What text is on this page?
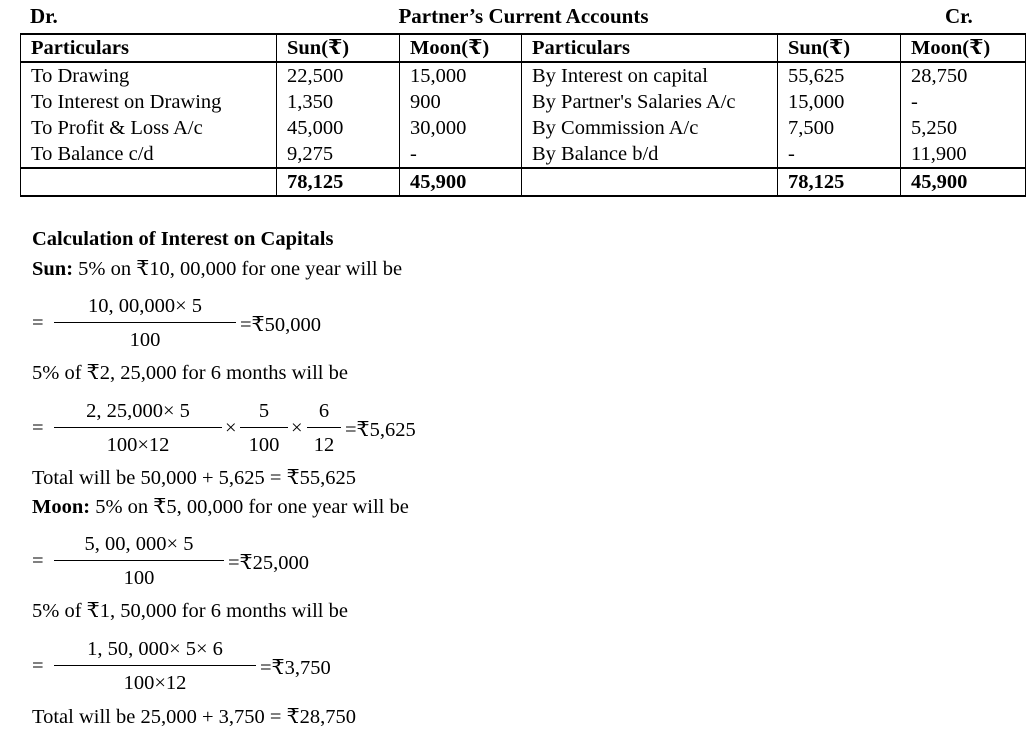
Dr.	Partner’s Current Accounts	Cr.
Particulars	Sun(₹)	Moon(₹)	Particulars	Sun(₹)	Moon(₹)
To Drawing	22,500	15,000	By Interest on capital	55,625	28,750
To Interest on Drawing	1,350	900	By Partner's Salaries A/c	15,000	-
To Profit & Loss A/c	45,000	30,000	By Commission A/c	7,500	5,250
To Balance c/d	9,275	-	By Balance b/d	-	11,900
	78,125	45,900		78,125	45,900
Calculation of Interest on Capitals
Sun: 5% on ₹10, 00,000 for one year will be
=
10, 00,000× 5
100
=₹50,000
5% of ₹2, 25,000 for 6 months will be
=
2, 25,000× 5
100×12
×
5
100
×
6
12
=₹5,625
Total will be 50,000 + 5,625 = ₹55,625
Moon: 5% on ₹5, 00,000 for one year will be
=
5, 00, 000× 5
100
=₹25,000
5% of ₹1, 50,000 for 6 months will be
=
1, 50, 000× 5× 6
100×12
=₹3,750
Total will be 25,000 + 3,750 = ₹28,750
